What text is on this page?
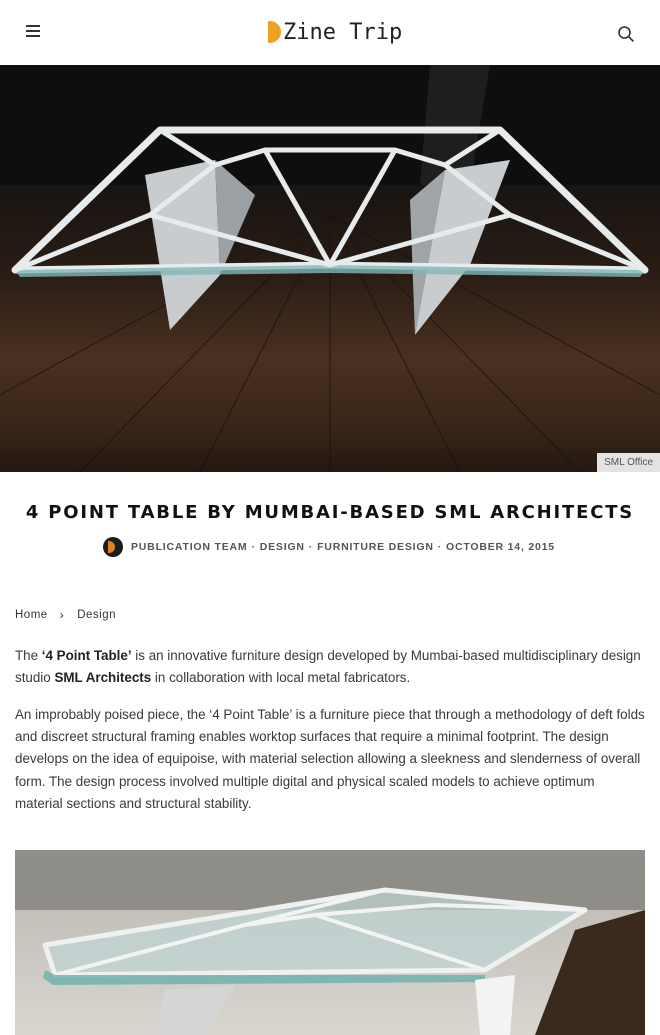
Zine Trip
SML Office
4 POINT TABLE BY MUMBAI-BASED SML ARCHITECTS
PUBLICATION TEAM · DESIGN · FURNITURE DESIGN · OCTOBER 14, 2015
Home › Design

The ‘4 Point Table’ is an innovative furniture design developed by Mumbai-based multidisciplinary design studio SML Architects in collaboration with local metal fabricators.

An improbably poised piece, the ‘4 Point Table’ is a furniture piece that through a methodology of deft folds and discreet structural framing enables worktop surfaces that require a minimal footprint. The design develops on the idea of equipoise, with material selection allowing a sleekness and slenderness of overall form. The design process involved multiple digital and physical scaled models to achieve optimum material sections and structural stability.
